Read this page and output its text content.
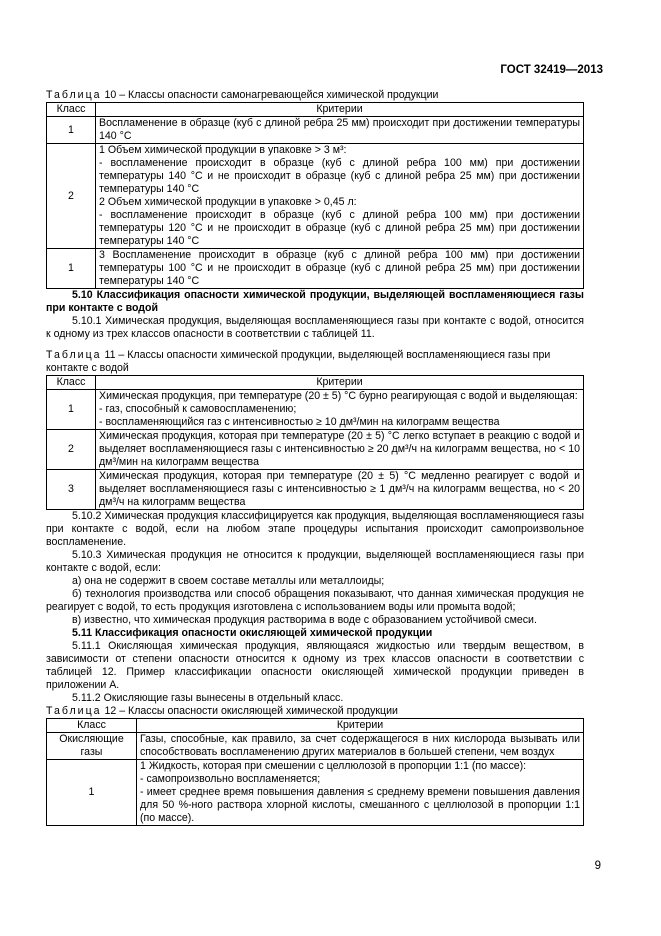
ГОСТ 32419—2013
Таблица 10 – Классы опасности самонагревающейся химической продукции
Класс	Критерии
1	Воспламенение в образце (куб с длиной ребра 25 мм) происходит при достижении температуры 140 °С

2	1 Объем химической продукции в упаковке > 3 м³:
- воспламенение происходит в образце (куб с длиной ребра 100 мм) при достижении температуры 140 °С и не происходит в образце (куб с длиной ребра 25 мм) при достижении температуры 140 °С
2 Объем химической продукции в упаковке > 0,45 л:
- воспламенение происходит в образце (куб с длиной ребра 100 мм) при достижении температуры 120 °С и не происходит в образце (куб с длиной ребра 25 мм) при достижении температуры 140 °С

1	3 Воспламенение происходит в образце (куб с длиной ребра 100 мм) при достижении температуры 100 °С и не происходит в образце (куб с длиной ребра 25 мм) при достижении температуры 140 °С

5.10 Классификация опасности химической продукции, выделяющей воспламеняющиеся газы при контакте с водой

5.10.1 Химическая продукция, выделяющая воспламеняющиеся газы при контакте с водой, относится к одному из трех классов опасности в соответствии с таблицей 11.

Таблица 11 – Классы опасности химической продукции, выделяющей воспламеняющиеся газы при контакте с водой
Класс	Критерии
1	Химическая продукция, при температуре (20 ± 5) °С бурно реагирующая с водой и выделяющая:
- газ, способный к самовоспламенению;
- воспламеняющийся газ с интенсивностью ≥ 10 дм³/мин на килограмм вещества

2	Химическая продукция, которая при температуре (20 ± 5) °С легко вступает в реакцию с водой и выделяет воспламеняющиеся газы с интенсивностью ≥ 20 дм³/ч на килограмм вещества, но < 10 дм³/мин на килограмм вещества

3	Химическая продукция, которая при температуре (20 ± 5) °С медленно реагирует с водой и выделяет воспламеняющиеся газы с интенсивностью ≥ 1 дм³/ч на килограмм вещества, но < 20 дм³/ч на килограмм вещества

5.10.2 Химическая продукция классифицируется как продукция, выделяющая воспламеняющиеся газы при контакте с водой, если на любом этапе процедуры испытания происходит самопроизвольное воспламенение.

5.10.3 Химическая продукция не относится к продукции, выделяющей воспламеняющиеся газы при контакте с водой, если:

а) она не содержит в своем составе металлы или металлоиды;

б) технология производства или способ обращения показывают, что данная химическая продукция не реагирует с водой, то есть продукция изготовлена с использованием воды или промыта водой;

в) известно, что химическая продукция растворима в воде с образованием устойчивой смеси.

5.11 Классификация опасности окисляющей химической продукции

5.11.1 Окисляющая химическая продукция, являющаяся жидкостью или твердым веществом, в зависимости от степени опасности относится к одному из трех классов опасности в соответствии с таблицей 12. Пример классификации опасности окисляющей химической продукции приведен в приложении А.

5.11.2 Окисляющие газы вынесены в отдельный класс.

Таблица 12 – Классы опасности окисляющей химической продукции
Класс	Критерии
Окисляющие газы	Газы, способные, как правило, за счет содержащегося в них кислорода вызывать или способствовать воспламенению других материалов в большей степени, чем воздух

1	1 Жидкость, которая при смешении с целлюлозой в пропорции 1:1 (по массе):
- самопроизвольно воспламеняется;
- имеет среднее время повышения давления ≤ среднему времени повышения давления для 50 %-ного раствора хлорной кислоты, смешанного с целлюлозой в пропорции 1:1 (по массе).
9
